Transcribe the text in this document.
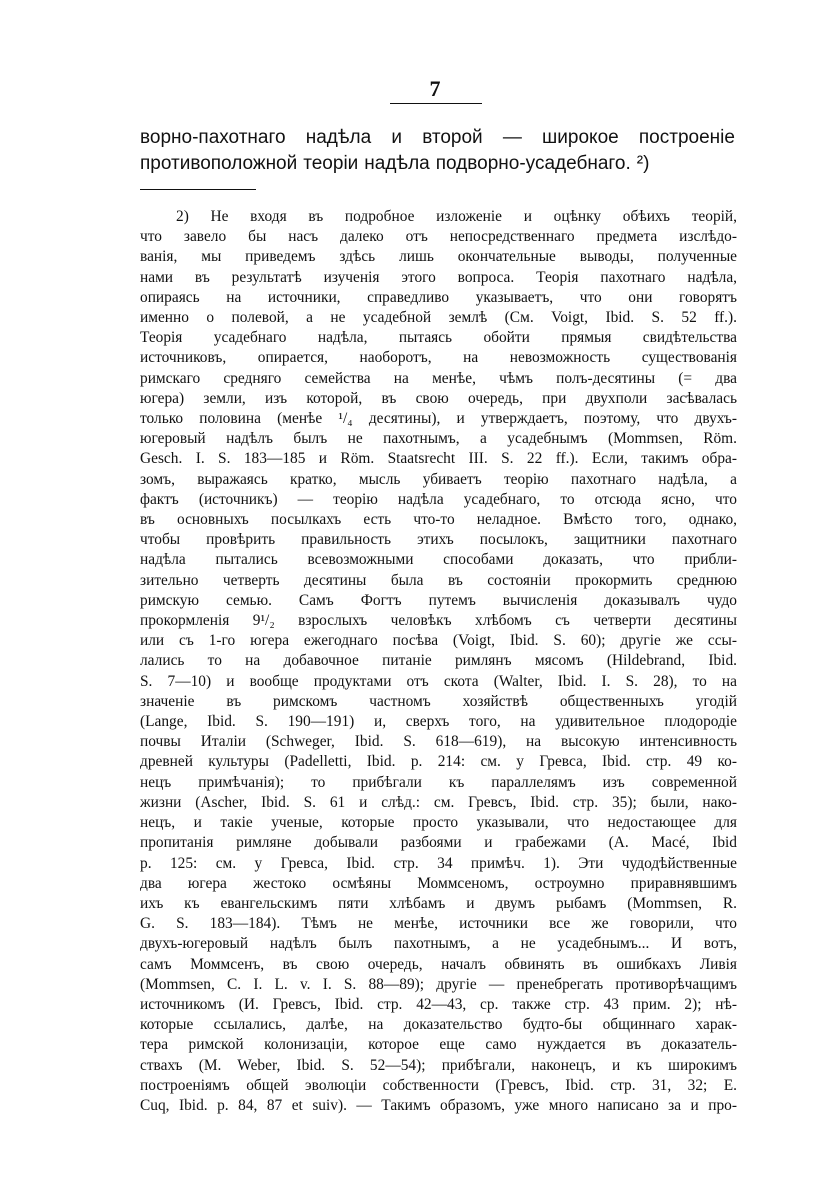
7
ворно-пахотнаго надѣла и второй — широкое построеніе
противоположной теоріи надѣла подворно-усадебнаго. ²)
2) Не входя въ подробное изложеніе и оцѣнку обѣихъ теорій,
что завело бы насъ далеко отъ непосредственнаго предмета изслѣдо-
ванія, мы приведемъ здѣсь лишь окончательные выводы, полученные
нами въ результатѣ изученія этого вопроса. Теорія пахотнаго надѣла,
опираясь на источники, справедливо указываетъ, что они говорятъ
именно о полевой, а не усадебной землѣ (См. Voigt, Ibid. S. 52 ff.).
Теорія усадебнаго надѣла, пытаясь обойти прямыя свидѣтельства
источниковъ, опирается, наоборотъ, на невозможность существованія
римскаго средняго семейства на менѣе, чѣмъ полъ-десятины (= два
югера) земли, изъ которой, въ свою очередь, при двухполи засѣвалась
только половина (менѣе ¹/₄ десятины), и утверждаетъ, поэтому, что двухъ-
югеровый надѣлъ былъ не пахотнымъ, а усадебнымъ (Mommsen, Röm.
Gesch. I. S. 183—185 и Röm. Staatsrecht III. S. 22 ff.). Если, такимъ обра-
зомъ, выражаясь кратко, мысль убиваетъ теорію пахотнаго надѣла, а
фактъ (источникъ) — теорію надѣла усадебнаго, то отсюда ясно, что
въ основныхъ посылкахъ есть что-то неладное. Вмѣсто того, однако,
чтобы провѣрить правильность этихъ посылокъ, защитники пахотнаго
надѣла пытались всевозможными способами доказать, что прибли-
зительно четверть десятины была въ состояніи прокормить среднюю
римскую семью. Самъ Фогтъ путемъ вычисленія доказывалъ чудо
прокормленія 9¹/₂ взрослыхъ человѣкъ хлѣбомъ съ четверти десятины
или съ 1-го югера ежегоднаго посѣва (Voigt, Ibid. S. 60); другіе же ссы-
лались то на добавочное питаніе римлянъ мясомъ (Hildebrand, Ibid.
S. 7—10) и вообще продуктами отъ скота (Walter, Ibid. I. S. 28), то на
значеніе въ римскомъ частномъ хозяйствѣ общественныхъ угодій
(Lange, Ibid. S. 190—191) и, сверхъ того, на удивительное плодородіе
почвы Италіи (Schweger, Ibid. S. 618—619), на высокую интенсивность
древней культуры (Padelletti, Ibid. p. 214: см. у Гревса, Ibid. стр. 49 ко-
нецъ примѣчанія); то прибѣгали къ параллелямъ изъ современной
жизни (Ascher, Ibid. S. 61 и слѣд.: см. Гревсъ, Ibid. стр. 35); были, нако-
нецъ, и такіе ученые, которые просто указывали, что недостающее для
пропитанія римляне добывали разбоями и грабежами (A. Macé, Ibid
p. 125: см. у Гревса, Ibid. стр. 34 примѣч. 1). Эти чудодѣйственные
два югера жестоко осмѣяны Моммсеномъ, остроумно приравнявшимъ
ихъ къ евангельскимъ пяти хлѣбамъ и двумъ рыбамъ (Mommsen, R.
G. S. 183—184). Тѣмъ не менѣе, источники все же говорили, что
двухъ-югеровый надѣлъ былъ пахотнымъ, а не усадебнымъ... И вотъ,
самъ Моммсенъ, въ свою очередь, началъ обвинять въ ошибкахъ Ливія
(Mommsen, C. I. L. v. I. S. 88—89); другіе — пренебрегать противорѣчащимъ
источникомъ (И. Гревсъ, Ibid. стр. 42—43, ср. также стр. 43 прим. 2); нѣ-
которые ссылались, далѣе, на доказательство будто-бы общиннаго харак-
тера римской колонизаціи, которое еще само нуждается въ доказатель-
ствахъ (M. Weber, Ibid. S. 52—54); прибѣгали, наконецъ, и къ широкимъ
построеніямъ общей эволюціи собственности (Гревсъ, Ibid. стр. 31, 32; E.
Cuq, Ibid. p. 84, 87 et suiv). — Такимъ образомъ, уже много написано за и про-
